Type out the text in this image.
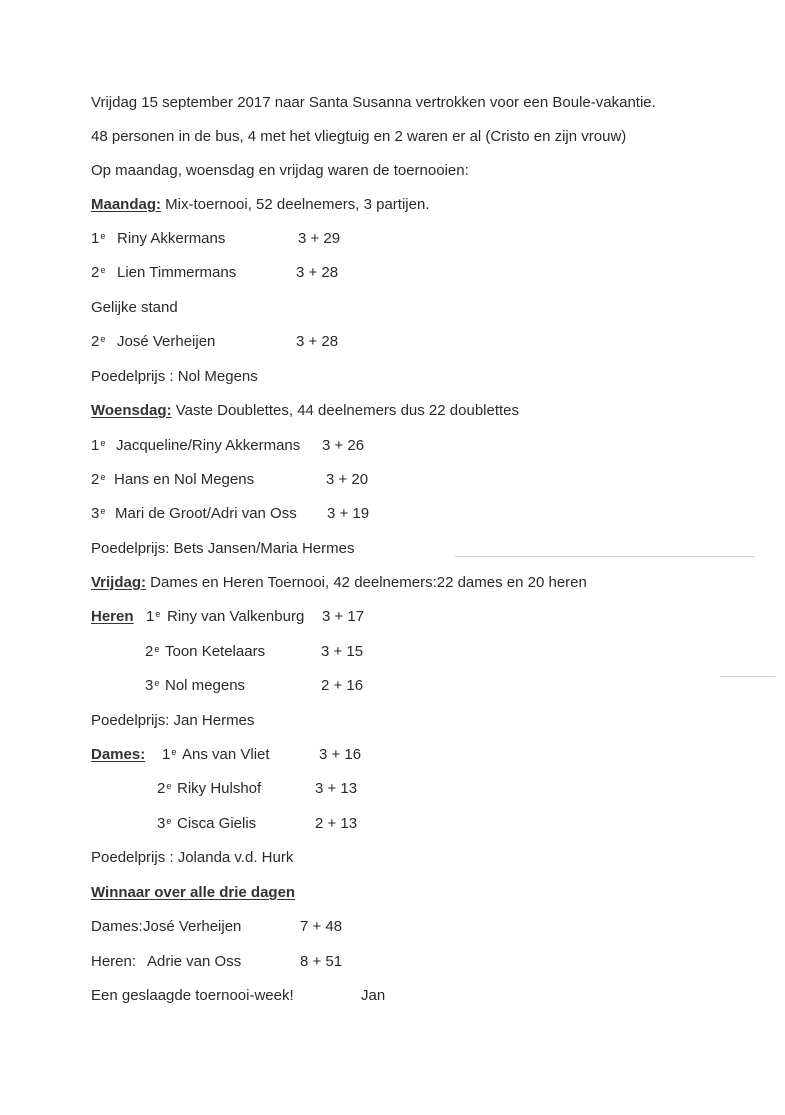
Vrijdag 15 september 2017 naar Santa Susanna vertrokken voor een Boule-vakantie.
48 personen in de bus, 4 met het vliegtuig en 2 waren er al (Cristo en zijn vrouw)
Op maandag, woensdag en vrijdag waren de toernooien:
Maandag: Mix-toernooi, 52 deelnemers, 3 partijen.
1e Riny Akkermans	3 + 29
2e Lien Timmermans	3 + 28
Gelijke stand
2e José Verheijen	3 + 28
Poedelprijs : Nol Megens
Woensdag: Vaste Doublettes, 44 deelnemers dus 22 doublettes
1e Jacqueline/Riny Akkermans 3 + 26
2e Hans en Nol Megens	3 + 20
3e Mari de Groot/Adri van Oss 3 + 19
Poedelprijs: Bets Jansen/Maria Hermes
Vrijdag: Dames en Heren Toernooi, 42 deelnemers:22 dames en 20 heren
Heren 1e Riny van Valkenburg 3 + 17
2e Toon Ketelaars	3 + 15
3e Nol megens	2 + 16
Poedelprijs: Jan Hermes
Dames: 1e Ans van Vliet	3 + 16
2e Riky Hulshof	3 + 13
3e Cisca Gielis	2 + 13
Poedelprijs : Jolanda v.d. Hurk
Winnaar over alle drie dagen
Dames: José Verheijen	7 + 48
Heren: Adrie van Oss	8 + 51
Een geslaagde toernooi-week!	Jan
